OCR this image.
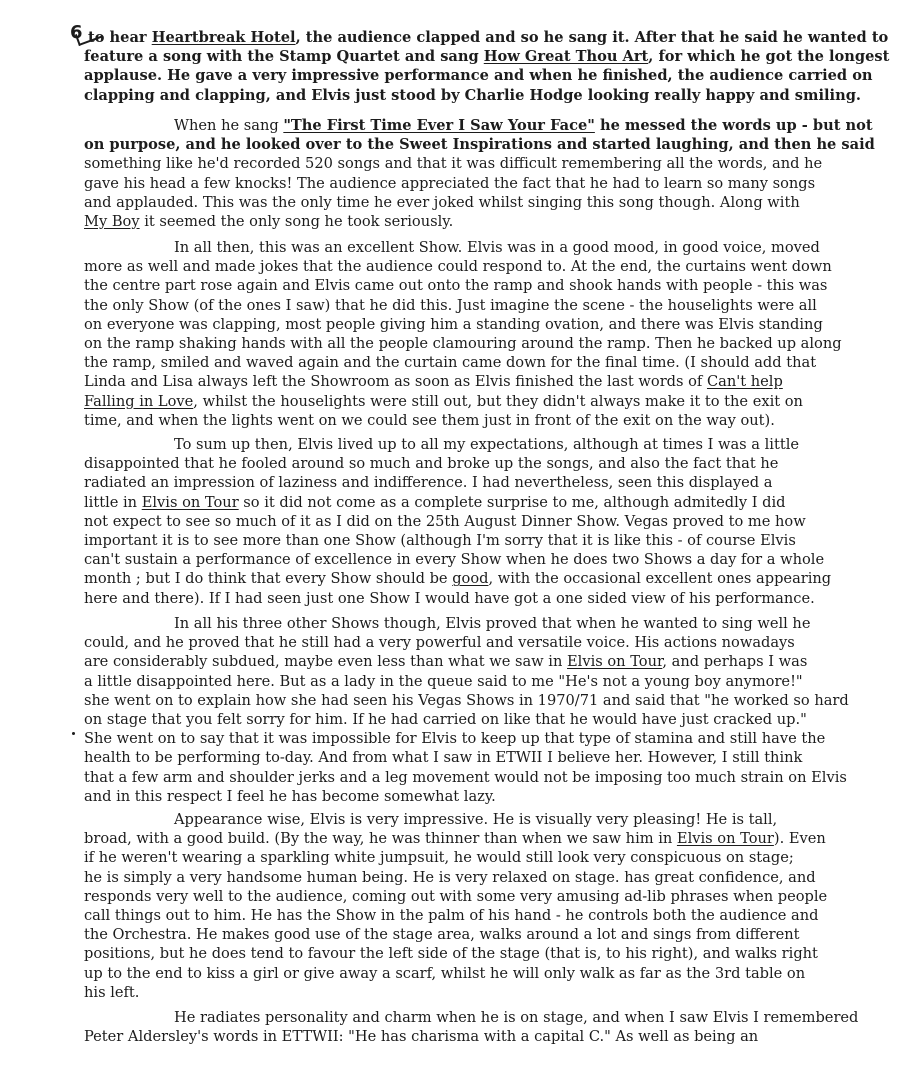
6 to hear Heartbreak Hotel, the audience clapped and so he sang it. After that he said he wanted to
feature a song with the Stamp Quartet and sang How Great Thou Art, for which he got the longest
applause. He gave a very impressive performance and when he finished, the audience carried on
clapping and clapping, and Elvis just stood by Charlie Hodge looking really happy and smiling.

When he sang "The First Time Ever I Saw Your Face" he messed the words up - but not
on purpose, and he looked over to the Sweet Inspirations and started laughing, and then he said
something like he'd recorded 520 songs and that it was difficult remembering all the words, and he
gave his head a few knocks! The audience appreciated the fact that he had to learn so many songs
and applauded. This was the only time he ever joked whilst singing this song though. Along with
My Boy it seemed the only song he took seriously.

In all then, this was an excellent Show. Elvis was in a good mood, in good voice, moved
more as well and made jokes that the audience could respond to. At the end, the curtains went down
the centre part rose again and Elvis came out onto the ramp and shook hands with people - this was
the only Show (of the ones I saw) that he did this. Just imagine the scene - the houselights were all
on everyone was clapping, most people giving him a standing ovation, and there was Elvis standing
on the ramp shaking hands with all the people clamouring around the ramp. Then he backed up along
the ramp, smiled and waved again and the curtain came down for the final time. (I should add that
Linda and Lisa always left the Showroom as soon as Elvis finished the last words of Can't help
Falling in Love, whilst the houselights were still out, but they didn't always make it to the exit on
time, and when the lights went on we could see them just in front of the exit on the way out).

To sum up then, Elvis lived up to all my expectations, although at times I was a little
disappointed that he fooled around so much and broke up the songs, and also the fact that he
radiated an impression of laziness and indifference. I had nevertheless, seen this displayed a
little in Elvis on Tour so it did not come as a complete surprise to me, although admitedly I did
not expect to see so much of it as I did on the 25th August Dinner Show. Vegas proved to me how
important it is to see more than one Show (although I'm sorry that it is like this - of course Elvis
can't sustain a performance of excellence in every Show when he does two Shows a day for a whole
month ; but I do think that every Show should be good, with the occasional excellent ones appearing
here and there). If I had seen just one Show I would have got a one sided view of his performance.

In all his three other Shows though, Elvis proved that when he wanted to sing well he
could, and he proved that he still had a very powerful and versatile voice. His actions nowadays
are considerably subdued, maybe even less than what we saw in Elvis on Tour, and perhaps I was
a little disappointed here. But as a lady in the queue said to me "He's not a young boy anymore!"
she went on to explain how she had seen his Vegas Shows in 1970/71 and said that "he worked so hard
on stage that you felt sorry for him. If he had carried on like that he would have just cracked up."
She went on to say that it was impossible for Elvis to keep up that type of stamina and still have the
health to be performing to-day. And from what I saw in ETWII I believe her. However, I still think
that a few arm and shoulder jerks and a leg movement would not be imposing too much strain on Elvis
and in this respect I feel he has become somewhat lazy.

Appearance wise, Elvis is very impressive. He is visually very pleasing! He is tall,
broad, with a good build. (By the way, he was thinner than when we saw him in Elvis on Tour). Even
if he weren't wearing a sparkling white jumpsuit, he would still look very conspicuous on stage;
he is simply a very handsome human being. He is very relaxed on stage. has great confidence, and
responds very well to the audience, coming out with some very amusing ad-lib phrases when people
call things out to him. He has the Show in the palm of his hand - he controls both the audience and
the Orchestra. He makes good use of the stage area, walks around a lot and sings from different
positions, but he does tend to favour the left side of the stage (that is, to his right), and walks right
up to the end to kiss a girl or give away a scarf, whilst he will only walk as far as the 3rd table on
his left.

He radiates personality and charm when he is on stage, and when I saw Elvis I remembered
Peter Aldersley's words in ETTWII: "He has charisma with a capital C." As well as being an
